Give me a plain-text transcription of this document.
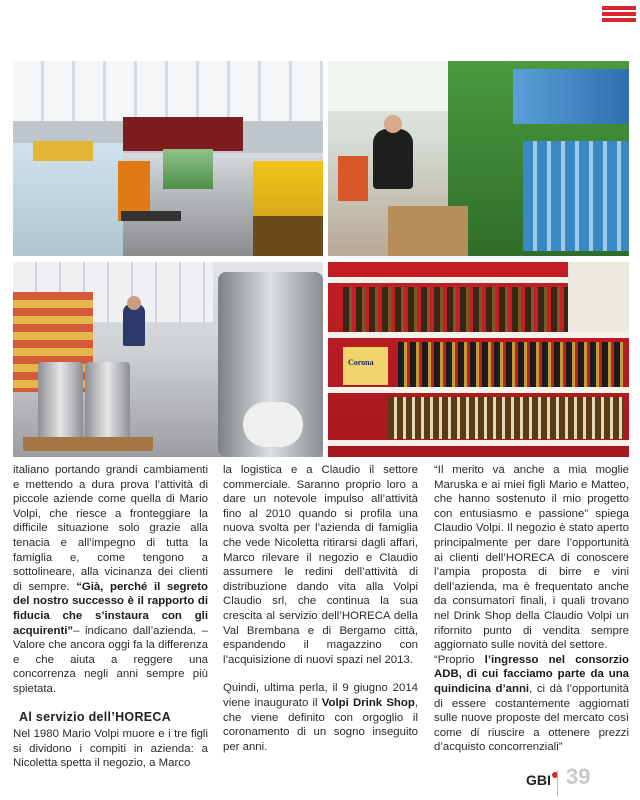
Corona

italiano portando grandi cambiamenti e mettendo a dura prova l’attività di piccole aziende come quella di Mario Volpi, che riesce a fronteggiare la difficile situazione solo grazie alla tenacia e all’impegno di tutta la famiglia e, come tengono a sottolineare, alla vicinanza dei clienti di sempre. “Già, perché il segreto del nostro successo è il rapporto di fiducia che s’instaura con gli acquirenti”– indicano dall’azienda. – Valore che ancora oggi fa la differenza e che aiuta a reggere una concorrenza negli anni sempre più spietata.

Al servizio dell’HORECA

Nel 1980 Mario Volpi muore e i tre figli si dividono i compiti in azienda: a Nicoletta spetta il negozio, a Marco

la logistica e a Claudio il settore commerciale. Saranno proprio loro a dare un notevole impulso all’attività fino al 2010 quando si profila una nuova svolta per l’azienda di famiglia che vede Nicoletta ritirarsi dagli affari, Marco rilevare il negozio e Claudio assumere le redini dell’attività di distribuzione dando vita alla Volpi Claudio srl, che continua la sua crescita al servizio dell’HORECA della Val Brembana e di Bergamo città, espandendo il magazzino con l’acquisizione di nuovi spazi nel 2013.

Quindi, ultima perla, il 9 giugno 2014 viene inaugurato il Volpi Drink Shop, che viene definito con orgoglio il coronamento di un sogno inseguito per anni.

“Il merito va anche a mia moglie Maruska e ai miei figli Mario e Matteo, che hanno sostenuto il mio progetto con entusiasmo e passione” spiega Claudio Volpi. Il negozio è stato aperto principalmente per dare l’opportunità ai clienti dell’HORECA di conoscere l’ampia proposta di birre e vini dell’azienda, ma è frequentato anche da consumatori finali, i quali trovano nel Drink Shop della Claudio Volpi un rifornito punto di vendita sempre aggiornato sulle novità del settore.

“Proprio l’ingresso nel consorzio ADB, di cui facciamo parte da una quindicina d’anni, ci dà l’opportunità di essere costantemente aggiornati sulle nuove proposte del mercato così come di riuscire a ottenere prezzi d’acquisto concorrenziali”

GBI 39
